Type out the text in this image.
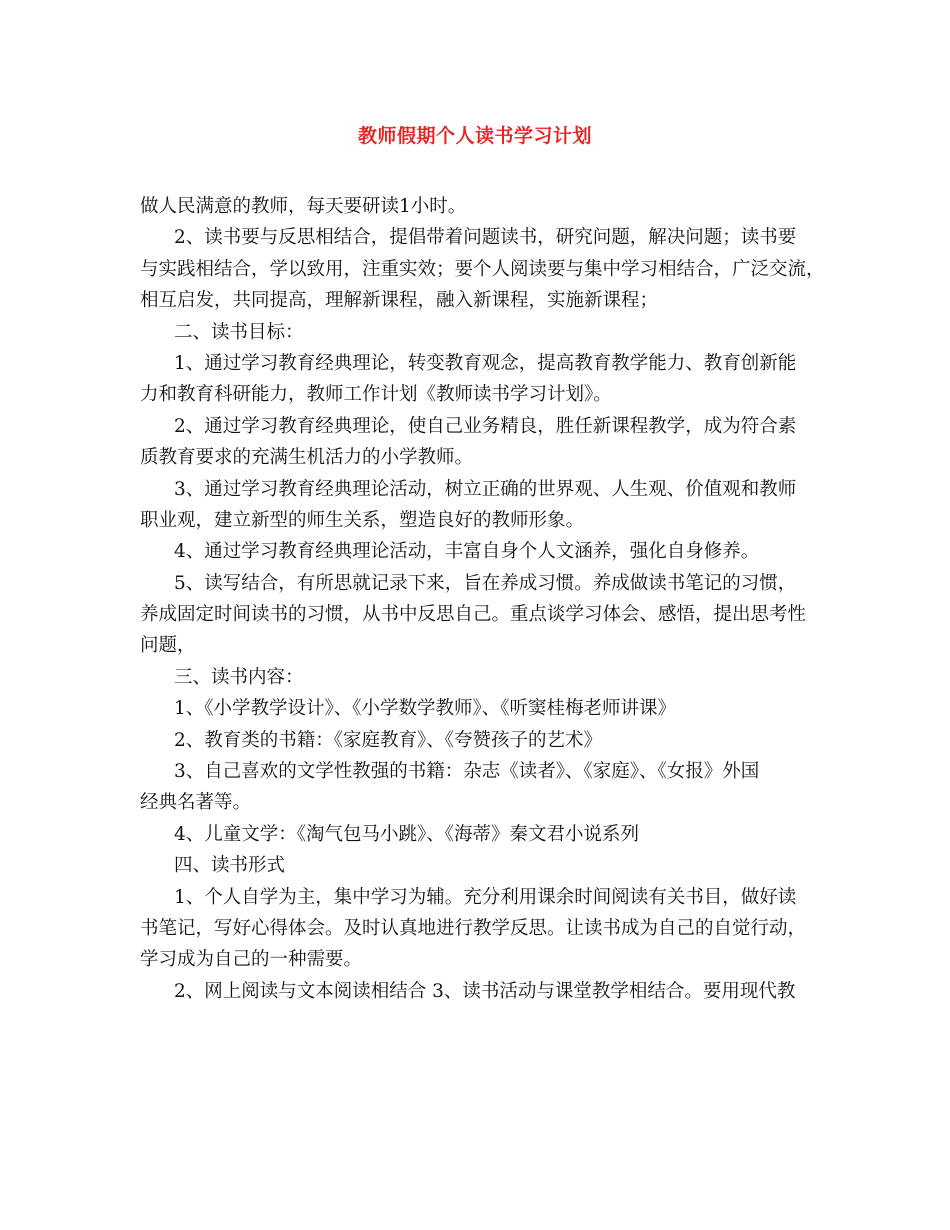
教师假期个人读书学习计划
做人民满意的教师，每天要研读1小时。
2、读书要与反思相结合，提倡带着问题读书，研究问题，解决问题；读书要
与实践相结合，学以致用，注重实效；要个人阅读要与集中学习相结合，广泛交流，
相互启发，共同提高，理解新课程，融入新课程，实施新课程；
二、读书目标：
1、通过学习教育经典理论，转变教育观念，提高教育教学能力、教育创新能
力和教育科研能力，教师工作计划《教师读书学习计划》。
2、通过学习教育经典理论，使自己业务精良，胜任新课程教学，成为符合素
质教育要求的充满生机活力的小学教师。
3、通过学习教育经典理论活动，树立正确的世界观、人生观、价值观和教师
职业观，建立新型的师生关系，塑造良好的教师形象。
4、通过学习教育经典理论活动，丰富自身个人文涵养，强化自身修养。
5、读写结合，有所思就记录下来，旨在养成习惯。养成做读书笔记的习惯，
养成固定时间读书的习惯，从书中反思自己。重点谈学习体会、感悟，提出思考性
问题，
三、读书内容：
1、《小学教学设计》、《小学数学教师》、《听窦桂梅老师讲课》
2、教育类的书籍：《家庭教育》、《夸赞孩子的艺术》
3、自己喜欢的文学性教强的书籍：杂志《读者》、《家庭》、《女报》外国
经典名著等。
4、儿童文学：《淘气包马小跳》、《海蒂》秦文君小说系列
四、读书形式
1、个人自学为主，集中学习为辅。充分利用课余时间阅读有关书目，做好读
书笔记，写好心得体会。及时认真地进行教学反思。让读书成为自己的自觉行动，
学习成为自己的一种需要。
2、网上阅读与文本阅读相结合 3、读书活动与课堂教学相结合。要用现代教
